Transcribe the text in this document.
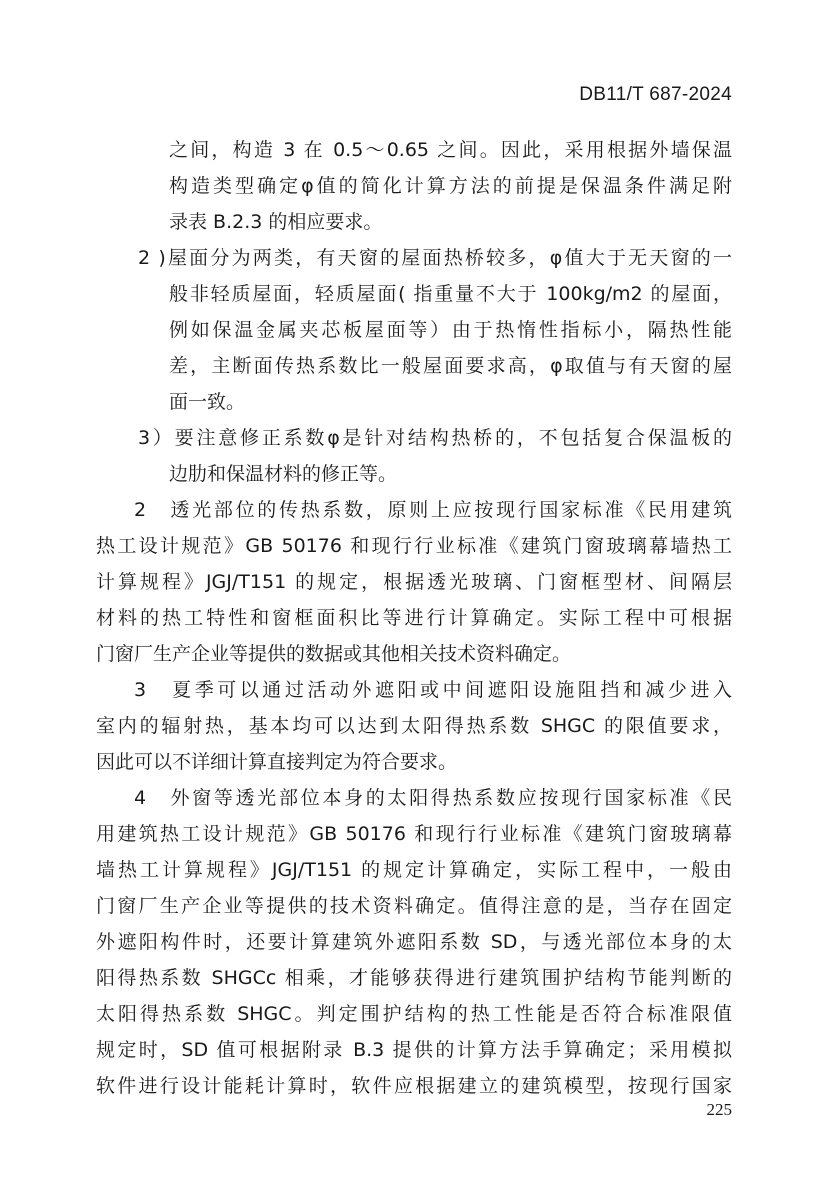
DB11/T 687-2024
之间，构造 3 在 0.5～0.65 之间。因此，采用根据外墙保温
构造类型确定φ值的简化计算方法的前提是保温条件满足附
录表 B.2.3 的相应要求。
2 )屋面分为两类，有天窗的屋面热桥较多，φ值大于无天窗的一
般非轻质屋面，轻质屋面( 指重量不大于 100kg/m2 的屋面，
例如保温金属夹芯板屋面等）由于热惰性指标小，隔热性能
差，主断面传热系数比一般屋面要求高，φ取值与有天窗的屋
面一致。
3）要注意修正系数φ是针对结构热桥的，不包括复合保温板的
边肋和保温材料的修正等。
2　透光部位的传热系数，原则上应按现行国家标准《民用建筑
热工设计规范》GB 50176 和现行行业标准《建筑门窗玻璃幕墙热工
计算规程》JGJ/T151 的规定，根据透光玻璃、门窗框型材、间隔层
材料的热工特性和窗框面积比等进行计算确定。实际工程中可根据
门窗厂生产企业等提供的数据或其他相关技术资料确定。
3　夏季可以通过活动外遮阳或中间遮阳设施阻挡和减少进入
室内的辐射热，基本均可以达到太阳得热系数 SHGC 的限值要求，
因此可以不详细计算直接判定为符合要求。
4　外窗等透光部位本身的太阳得热系数应按现行国家标准《民
用建筑热工设计规范》GB 50176 和现行行业标准《建筑门窗玻璃幕
墙热工计算规程》JGJ/T151 的规定计算确定，实际工程中，一般由
门窗厂生产企业等提供的技术资料确定。值得注意的是，当存在固定
外遮阳构件时，还要计算建筑外遮阳系数 SD，与透光部位本身的太
阳得热系数 SHGCc 相乘，才能够获得进行建筑围护结构节能判断的
太阳得热系数 SHGC。判定围护结构的热工性能是否符合标准限值
规定时，SD 值可根据附录 B.3 提供的计算方法手算确定；采用模拟
软件进行设计能耗计算时，软件应根据建立的建筑模型，按现行国家
225
